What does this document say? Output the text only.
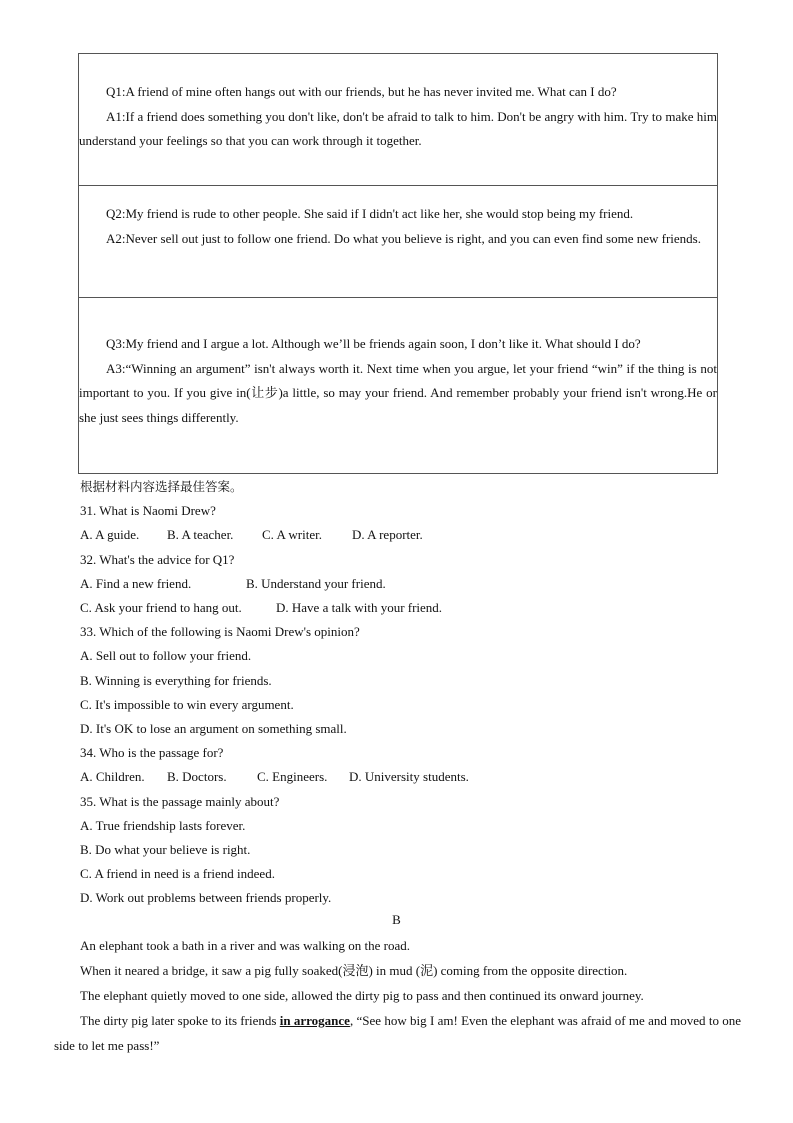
Q1:A friend of mine often hangs out with our friends, but he has never invited me. What can I do?

A1:If a friend does something you don't like, don't be afraid to talk to him. Don't be angry with him. Try to make him understand your feelings so that you can work through it together.

Q2:My friend is rude to other people. She said if I didn't act like her, she would stop being my friend.

A2:Never sell out just to follow one friend. Do what you believe is right, and you can even find some new friends.

Q3:My friend and I argue a lot. Although we’ll be friends again soon, I don’t like it. What should I do?

A3:“Winning an argument” isn't always worth it. Next time when you argue, let your friend “win” if the thing is not important to you. If you give in(让步)a little, so may your friend. And remember probably your friend isn't wrong.He or she just sees things differently.

根据材料内容选择最佳答案。
31. What is Naomi Drew?
A. A guide. B. A teacher. C. A writer. D. A reporter.
32. What's the advice for Q1?
A. Find a new friend.	B. Understand your friend.
C. Ask your friend to hang out.	D. Have a talk with your friend.
33. Which of the following is Naomi Drew's opinion?
A. Sell out to follow your friend.
B. Winning is everything for friends.
C. It's impossible to win every argument.
D. It's OK to lose an argument on something small.
34. Who is the passage for?
A. Children. B. Doctors. C. Engineers. D. University students.
35. What is the passage mainly about?
A. True friendship lasts forever.
B. Do what your believe is right.
C. A friend in need is a friend indeed.
D. Work out problems between friends properly.
B

An elephant took a bath in a river and was walking on the road.

When it neared a bridge, it saw a pig fully soaked(浸泡) in mud (泥) coming from the opposite direction.

The elephant quietly moved to one side, allowed the dirty pig to pass and then continued its onward journey.

The dirty pig later spoke to its friends in arrogance, “See how big I am! Even the elephant was afraid of me and moved to one side to let me pass!”
